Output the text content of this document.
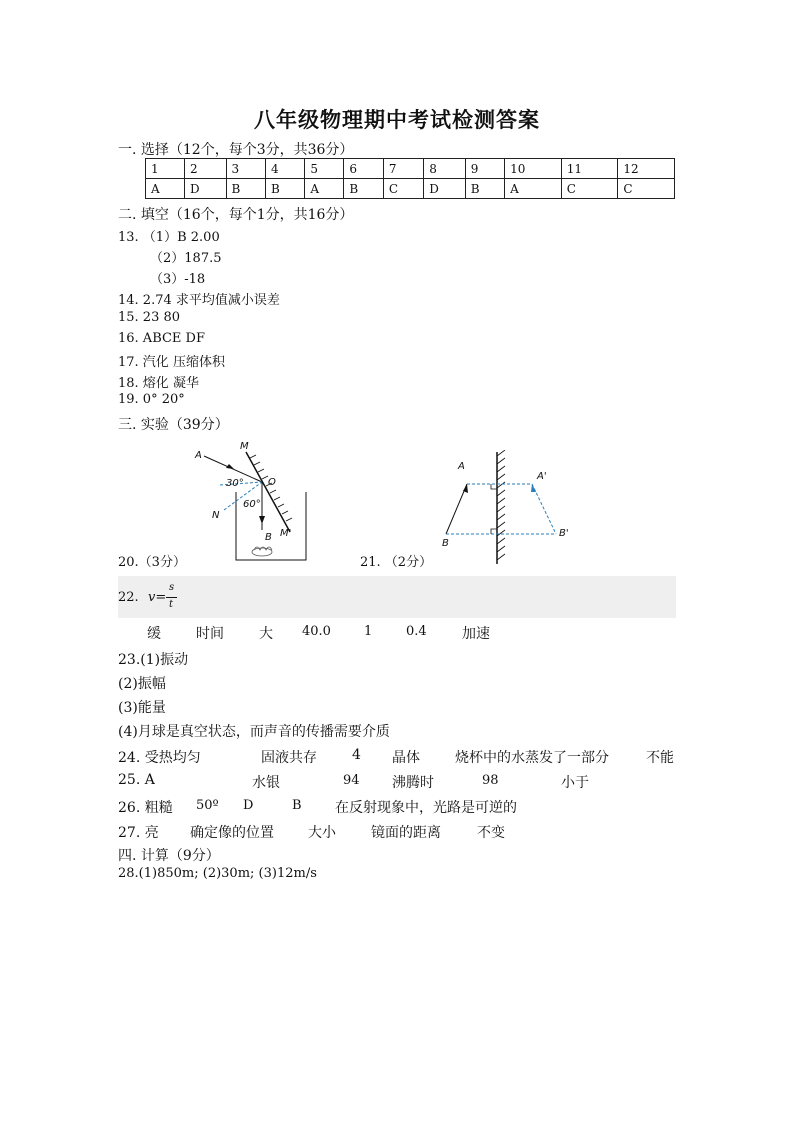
八年级物理期中考试检测答案
一. 选择（12个，每个3分，共36分）
1	2	3	4	5	6	7	8	9	10	11	12
A	D	B	B	A	B	C	D	B	A	C	C
二. 填空（16个，每个1分，共16分）
13. （1）B 2.00
（2）187.5
（3）-18
14. 2.74 求平均值减小误差
15. 23 80
16. ABCE DF
17. 汽化 压缩体积
18. 熔化 凝华
19. 0° 20°
三. 实验（39分）
A
M
O
30°
60°
N
B M'
A
A'
B
B'
20.（3分）	21. （2分）
22. v=
s
t
缓	时间	大 40.0	1	0.4	加速
23.(1)振动
(2)振幅
(3)能量
(4)月球是真空状态，而声音的传播需要介质
24. 受热均匀	固液共存	4 晶体	烧杯中的水蒸发了一部分	不能
25. A	水银	94 沸腾时	98	小于
26. 粗糙 50º D	B 在反射现象中，光路是可逆的
27. 亮 确定像的位置 大小	镜面的距离	不变
四. 计算（9分）
28.(1)850m; (2)30m; (3)12m/s
